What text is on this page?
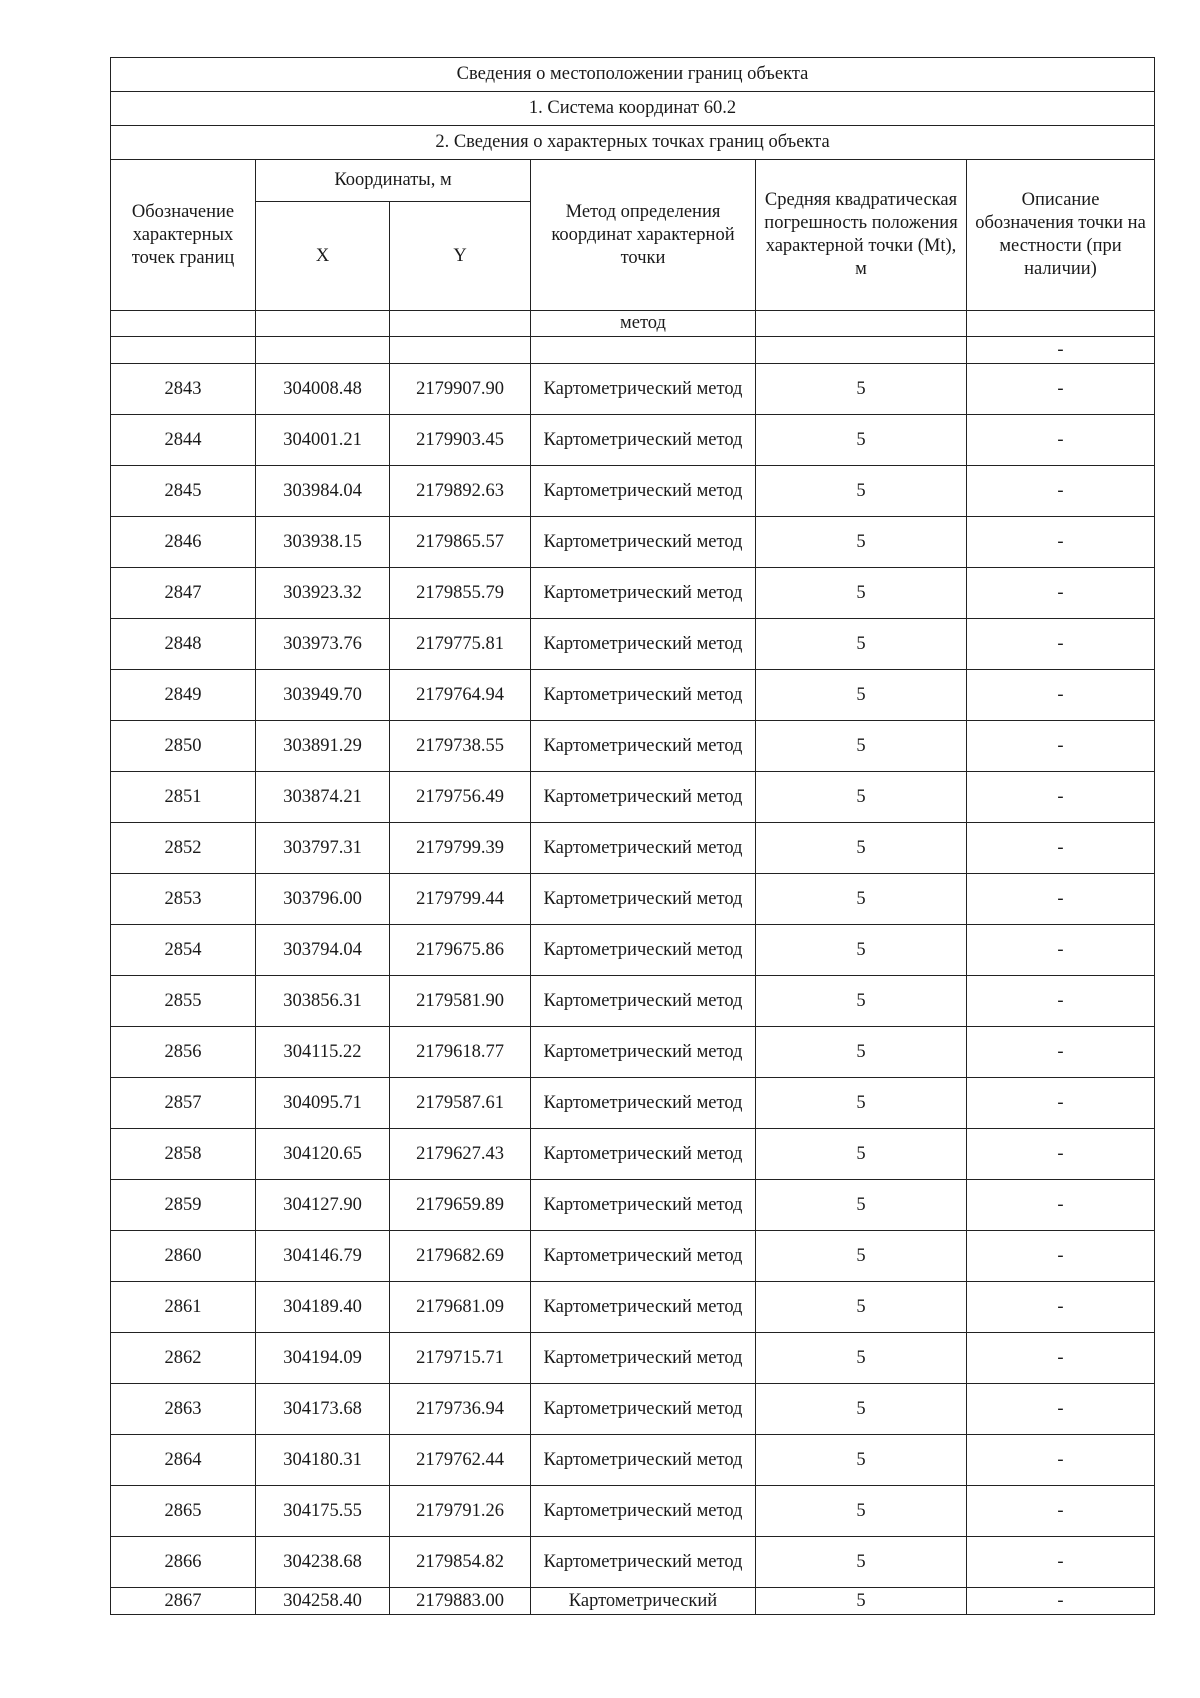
Сведения о местоположении границ объекта					
1. Система координат 60.2					
2. Сведения о характерных точках границ объекта					
Обозначение характерных точек границ	Координаты, м		Метод определения координат характерной точки	Средняя квадратическая погрешность положения характерной точки (Mt), м	Описание обозначения точки на местности (при наличии)
	X	Y			
			метод		
					-
2843	304008.48	2179907.90	Картометрический метод	5	-
2844	304001.21	2179903.45	Картометрический метод	5	-
2845	303984.04	2179892.63	Картометрический метод	5	-
2846	303938.15	2179865.57	Картометрический метод	5	-
2847	303923.32	2179855.79	Картометрический метод	5	-
2848	303973.76	2179775.81	Картометрический метод	5	-
2849	303949.70	2179764.94	Картометрический метод	5	-
2850	303891.29	2179738.55	Картометрический метод	5	-
2851	303874.21	2179756.49	Картометрический метод	5	-
2852	303797.31	2179799.39	Картометрический метод	5	-
2853	303796.00	2179799.44	Картометрический метод	5	-
2854	303794.04	2179675.86	Картометрический метод	5	-
2855	303856.31	2179581.90	Картометрический метод	5	-
2856	304115.22	2179618.77	Картометрический метод	5	-
2857	304095.71	2179587.61	Картометрический метод	5	-
2858	304120.65	2179627.43	Картометрический метод	5	-
2859	304127.90	2179659.89	Картометрический метод	5	-
2860	304146.79	2179682.69	Картометрический метод	5	-
2861	304189.40	2179681.09	Картометрический метод	5	-
2862	304194.09	2179715.71	Картометрический метод	5	-
2863	304173.68	2179736.94	Картометрический метод	5	-
2864	304180.31	2179762.44	Картометрический метод	5	-
2865	304175.55	2179791.26	Картометрический метод	5	-
2866	304238.68	2179854.82	Картометрический метод	5	-
2867	304258.40	2179883.00	Картометрический	5	-
